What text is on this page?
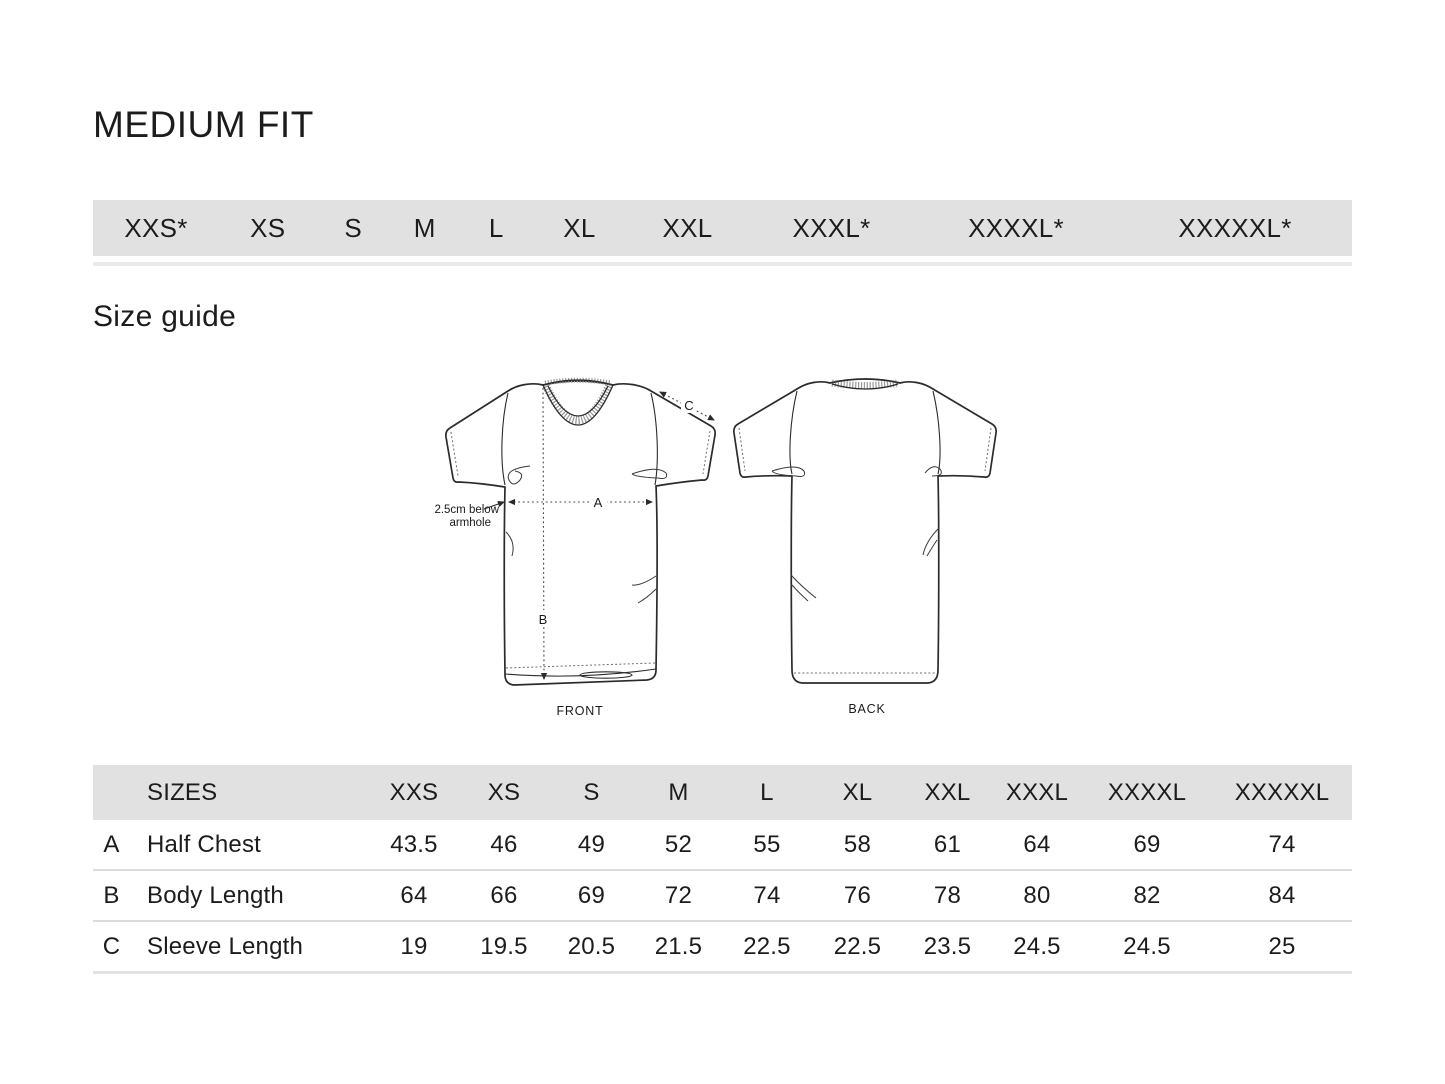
MEDIUM FIT
XXS*	XS	S	M	L	XL	XXL	XXXL*	XXXXL*	XXXXXL*
Size guide
A
B
C
2.5cm below
armhole
FRONT	BACK
SIZES	XXS	XS	S	M	L	XL	XXL	XXXL	XXXXL	XXXXXL
A	Half Chest	43.5	46	49	52	55	58	61	64	69	74
B	Body Length	64	66	69	72	74	76	78	80	82	84
C	Sleeve Length	19	19.5	20.5	21.5	22.5	22.5	23.5	24.5	24.5	25
